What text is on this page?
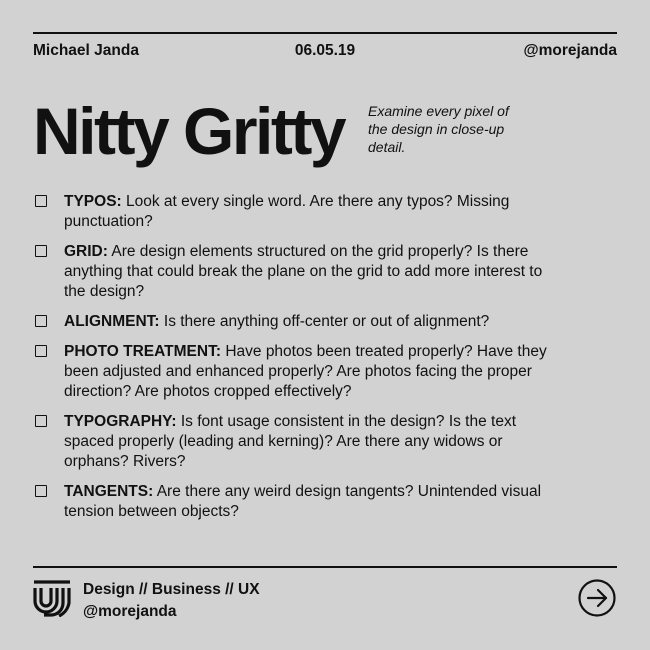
Michael Janda	06.05.19	@morejanda
Nitty Gritty Examine every pixel of the design in close-up detail.

TYPOS: Look at every single word. Are there any typos? Missing punctuation?
GRID: Are design elements structured on the grid properly? Is there anything that could break the plane on the grid to add more interest to the design?
ALIGNMENT: Is there anything off-center or out of alignment?
PHOTO TREATMENT: Have photos been treated properly? Have they been adjusted and enhanced properly? Are photos facing the proper direction? Are photos cropped effectively?
TYPOGRAPHY: Is font usage consistent in the design? Is the text spaced properly (leading and kerning)? Are there any widows or orphans? Rivers?
TANGENTS: Are there any weird design tangents? Unintended visual tension between objects?
Design // Business // UX
@morejanda
